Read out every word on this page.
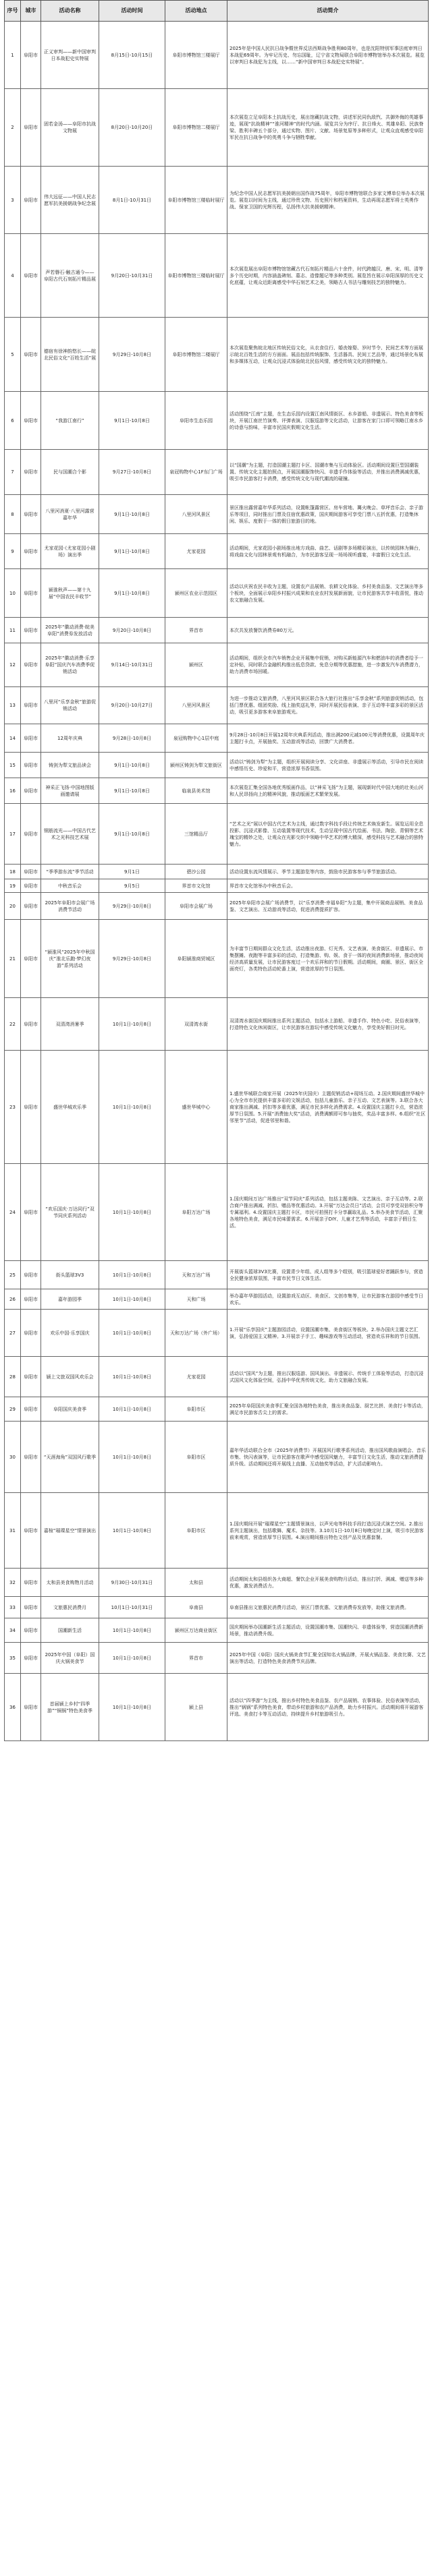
序号	城市	活动名称	活动时间	活动地点	活动简介
1	阜阳市	正义审判——新中国审判日本战犯史实特展	8月15日-10月15日	阜阳市博物馆三楼展厅	2025年是中国人民抗日战争暨世界反法西斯战争胜利80周年，也是沈阳特别军事法庭审判日本战犯69周年。为牢记历史、勿忘国耻，辽宁省文物局联合阜阳市博物馆举办本次展览。展览以审判日本战犯为主线，以……“新中国审判日本战犯史实特展”。
2	阜阳市	固若金汤——阜阳市抗战文物展	8月20日-10月20日	阜阳市博物馆二楼展厅	本次展览立足阜阳本土抗战历史，展出馆藏抗战文物，讲述军民同仇敌忾、共御外侮的英雄事迹，展现“抗战精神”“淮河精神”的时代内涵。展览共分为序厅、抗日烽火、英雄阜阳、民族脊梁、胜利丰碑五个部分，通过实物、图片、文献、场景复原等多种形式，让观众直观感受阜阳军民在抗日战争中的英勇斗争与牺牲奉献。
3	阜阳市	伟大远征——中国人民志愿军抗美援朝战争纪念展	8月1日-10月31日	阜阳市博物馆三楼临时展厅	为纪念中国人民志愿军抗美援朝出国作战75周年，阜阳市博物馆联合多家文博单位举办本次展览。展览以时间为主线，通过珍贵文物、历史照片和档案资料，生动再现志愿军将士英勇作战、保家卫国的光辉历程，弘扬伟大抗美援朝精神。
4	阜阳市	声若磐石·触古通今——阜阳古代石刻拓片精品展	9月20日-10月31日	阜阳市博物馆三楼临时展厅	本次展览展出阜阳市博物馆馆藏古代石刻拓片精品六十余件，时代跨越汉、唐、宋、明、清等多个历史时期，内容涵盖碑刻、墓志、造像题记等多种类别。展览旨在展示阜阳深厚的历史文化底蕴，让观众近距离感受中华石刻艺术之美，领略古人书法与雕刻技艺的独特魅力。
5	阜阳市	德宿有徐神韵悠长——皖北民俗文化“百姓生活”展	9月29日-10月8日	阜阳市博物馆二楼展厅	本次展览聚焦皖北地区传统民俗文化，从衣食住行、婚丧嫁娶、岁时节令、民间艺术等方面展示皖北百姓生活的方方面面。展品包括传统服饰、生活器具、民间工艺品等，通过场景化布展和多媒体互动，让观众沉浸式体验皖北民俗风情，感受传统文化的独特魅力。
6	阜阳市	“我游江南行”	9月1日-10月8日	阜阳市生态乐园	活动围绕“江南”主题，在生态乐园内设置江南风情街区、水乡游船、非遗展示、特色美食等板块，开展江南丝竹演奏、评弹表演、汉服巡游等文化活动，让游客在家门口即可领略江南水乡的诗意与韵味，丰富市民国庆假期文化生活。
7	阜阳市	民与国潮合个影	9月27日-10月8日	泉冠购物中心1F东门广场	以“国潮”为主题，打造国潮主题打卡区、国潮市集与互动体验区。活动期间设置巨型国潮装置、传统文化主题拍照点，开展国潮服饰快闪、非遗手作体验等活动，并推出消费满减优惠，吸引市民游客打卡消费，感受传统文化与现代潮流的碰撞。
8	阜阳市	八里河消夏·八里河露营嘉年华	9月1日-10月8日	八里河风景区	景区推出露营嘉年华系列活动，设置帐篷露营区、房车营地、篝火晚会、草坪音乐会、亲子游乐等项目，同时推出门票及住宿优惠政策，国庆期间游客可享受门票八五折优惠，打造集休闲、娱乐、度假于一体的假日旅游目的地。
9	阜阳市	尤家花园·《尤家花园小剧场》演出季	9月1日-10月8日	尤家花园	活动期间，尤家花园小剧场推出地方戏曲、曲艺、话剧等多场精彩演出，以传统园林为舞台，将戏曲文化与园林景观有机融合，为市民游客呈现一场场视听盛宴，丰富假日文化生活。
10	阜阳市	颍淮秋声——第十九届“中国农民丰收节”	9月1日-10月8日	颍州区农业示范园区	活动以庆祝农民丰收为主题，设置农产品展销、农耕文化体验、乡村美食品鉴、文艺演出等多个板块，全面展示阜阳乡村振兴成果和农业农村发展新面貌，让市民游客共享丰收喜悦，推动农文旅融合发展。
11	阜阳市	2025年“徽动消费·皖美阜阳”消费券发放活动	9月20日-10月8日	界首市	本次共发放餐饮消费券80万元。
12	阜阳市	2025年“徽动消费·乐享阜阳”国庆汽车消费季促销活动	9月14日-10月31日	颍州区	活动期间，组织全市汽车销售企业开展集中促销，对购买新能源汽车和燃油车的消费者给予一定补贴，同时联合金融机构推出低息贷款、免息分期等优惠措施，进一步激发汽车消费潜力，助力消费市场回暖。
13	阜阳市	八里河“乐享金秋”旅游促销活动	9月20日-10月27日	八里河风景区	为进一步推动文旅消费，八里河风景区联合各大旅行社推出“乐享金秋”系列旅游促销活动，包括门票优惠、组团奖励、线上抽奖送礼等，同时开展民俗表演、亲子互动等丰富多彩的景区活动，吸引更多游客来阜旅游观光。
14	阜阳市	12周年庆典	9月28日-10月8日	泉冠购物中心1层中庭	9月28日-10月8日开展12周年庆典系列活动，推出满200元减100元等消费优惠，设置周年庆主题打卡点，开展抽奖、互动游戏等活动，回馈广大消费者。
15	阜阳市	铸剑为犁文旅品读会	9月1日-10月8日	颍州区铸剑为犁文旅街区	活动以“铸剑为犁”为主题，组织开展阅读分享、文化讲座、非遗展示等活动，引导市民在阅读中感悟历史、珍爱和平，营造浓厚书香氛围。
16	阜阳市	神采正飞扬·中国地图版画邀请展	9月1日-10月8日	临泉县美术馆	本次展览汇集全国各地优秀版画作品，以“神采飞扬”为主题，展现新时代中国大地的壮美山河和人民昂扬向上的精神风貌，推动版画艺术繁荣发展。
17	阜阳市	钢筋流光——中国古代艺术之光科技艺术展	9月1日-10月8日	三馆精品厅	“艺术之光”展以中国古代艺术为主线，通过数字科技手段让传统艺术焕发新生。展览运用全息投影、沉浸式影像、互动装置等现代技术，生动呈现中国古代绘画、书法、陶瓷、青铜等艺术瑰宝的精妙之处，让观众在光影交织中领略中华艺术的博大精深，感受科技与艺术融合的独特魅力。
18	阜阳市	“季季游东流”季节活动	9月1日	碧沙公园	活动设置东流风情展示、季节主题游览等内容，鼓励市民游客参与季节旅游活动。
19	阜阳市	中秋音乐会	9月5日	界首市文化馆	界首市文化馆举办中秋音乐会。
20	阜阳市	2025年阜阳市会展广场消费节活动	9月29日-10月8日	阜阳市会展广场	2025年阜阳市会展广场消费节，以“乐享消费·幸福阜阳”为主题，集中开展商品展销、美食品鉴、文艺演出、互动游戏等活动，促进消费提质扩容。
21	阜阳市	“颍淮风“2025年中秋国庆”淮北乐跑·梦幻夜游”系列活动	9月29日-10月8日	阜阳颍淮商贸城区	为丰富节日期间群众文化生活，活动推出夜游、灯光秀、文艺表演、美食街区、非遗展示、市集摆摊、夜跑等丰富多彩的活动，打造集游、购、娱、食于一体的夜间消费新场景，推动夜间经济高质量发展，让市民游客度过一个欢乐祥和的节日假期。活动期间，商圈、景区、街区全面亮灯，各类特色活动轮番上演，营造浓厚的节日氛围。
22	阜阳市	双清湾消暑季	10月1日-10月8日	双清湾水街	双清湾水街国庆期间推出系列主题活动，包括水上游船、非遗手作、特色小吃、民俗表演等，打造特色文化休闲街区，让市民游客在游玩中感受传统文化魅力，享受美好假日时光。
23	阜阳市	盛世华城欢乐季	10月1日-10月8日	盛世华城中心	1.盛世华城联合商家开展（2025年庆国庆）主题促销活动+现场互动。2.国庆期间盛世华城中心为全市市民提供丰富多彩的文娱活动，包括儿童游乐、亲子互动、文艺表演等。3.联合各大商家推出满减、折扣等多重优惠，满足市民多样化消费需求。4.设置国庆主题打卡点，营造浓厚节日氛围。5.开展“消费抽大奖”活动，消费满额即可参与抽奖，奖品丰富多样。6.组织“社区邻里节”活动，促进邻里和谐。
24	阜阳市	“欢乐国庆·万达同行”双节同庆系列活动	10月1日-10月8日	阜阳万达广场	1.国庆期间万达广场推出“双节同庆”系列活动，包括主题美陈、文艺演出、亲子互动等。2.联合商户推出满减、折扣、赠品等优惠活动。3.开展“万达会员日”活动，会员可享受双倍积分等专属福利。4.设置国庆主题打卡区，市民可拍照打卡分享赢取礼品。5.举办美食节活动，汇聚各地特色美食，满足市民味蕾需求。6.开展亲子DIY、儿童才艺秀等活动，丰富亲子假日生活。
25	阜阳市	街头篮球3V3	10月1日-10月8日	天和万达广场	开展街头篮球3V3比赛，设置青少年组、成人组等多个组别，吸引篮球爱好者踊跃参与，营造全民健身浓厚氛围，丰富市民节日文体生活。
26	阜阳市	嘉年游园季	10月1日-10月8日	天和广场	举办嘉年华游园活动，设置游戏互动区、美食区、文创市集等，让市民游客在游园中感受节日欢乐。
27	阜阳市	欢乐中国·乐享国庆	10月1日-10月8日	天和万达广场（外广场）	1.开展“乐享国庆”主题游园活动，设置国潮市集、美食街区等板块。2.举办国庆主题文艺汇演，弘扬爱国主义精神。3.开展亲子手工、趣味游戏等互动活动，营造欢乐祥和的节日氛围。
28	阜阳市	颍上文旅双国风欢乐会	10月1日-10月8日	尤家花园	活动以“国风”为主题，推出汉服巡游、国风演出、非遗展示、传统手工体验等活动，打造沉浸式国风文化体验空间，弘扬中华优秀传统文化，助力文旅融合发展。
29	阜阳市	阜阳国庆美食季	10月1日-10月8日	阜阳市区	2025年阜阳国庆美食季汇聚全国各地特色美食，推出美食品鉴、厨艺比拼、美食打卡等活动，满足市民游客舌尖上的需求。
30	阜阳市	“天涯海角”双国风行歌季	10月1日-10月8日	阜阳市区	嘉年华活动联合全市（2025年消费节）开展国风行歌季系列活动，推出国风歌曲演唱会、音乐市集、快闪表演等，让市民游客在歌声中感受国风魅力，丰富节日文化生活，推动文旅消费提质升级。活动期间还将开展线上直播、互动抽奖等活动，扩大活动影响力。
31	阜阳市	嘉楦“璀璨星空”情景演出	10月1日-10月8日	阜阳市区	1.国庆期间开展“璀璨星空”主题情景演出，以声光电等科技手段打造沉浸式演艺空间。2.推出系列主题演出，包括歌舞、魔术、杂技等。3.10月1日-10月8日每晚定时上演，吸引市民游客前来观赏，营造浓厚节日氛围。4.演出期间推出特色文创产品及优惠套餐。
32	阜阳市	太和县美食购物月活动	9月30日-10月31日	太和县	活动期间太和县组织各大商超、餐饮企业开展美食购物月活动，推出打折、满减、赠送等多种优惠，激发消费活力。
33	阜阳市	文旅惠民消费月	10月1日-10月31日	阜南县	阜南县推出文旅惠民消费月活动，景区门票优惠、文旅消费券发放等，助推文旅消费。
34	阜阳市	国潮新生活	10月1日-10月8日	颍州区万达商业街区	国庆期间举办国潮新生活主题活动，设置国潮市集、国潮快闪、非遗体验等，营造国潮消费新场景，推动消费升级。
35	阜阳市	2025年中国（阜阳）国庆火锅美食节	10月1日-10月8日	界首市	2025年中国（阜阳）国庆火锅美食节汇聚全国知名火锅品牌，开展火锅品鉴、美食比赛、文艺演出等活动，打造特色美食消费节庆品牌。
36	阜阳市	首届颍上乡村“四季游”“锅锅”特色美食季	10月1日-10月8日	颍上县	活动以“四季游”为主线，推出乡村特色美食品鉴、农产品展销、农事体验、民俗表演等活动，推出“锅锅”系列特色美食，带动乡村旅游和农产品消费，助力乡村振兴。活动期间将开展游客评选、美食打卡等互动活动，持续提升乡村旅游吸引力。
